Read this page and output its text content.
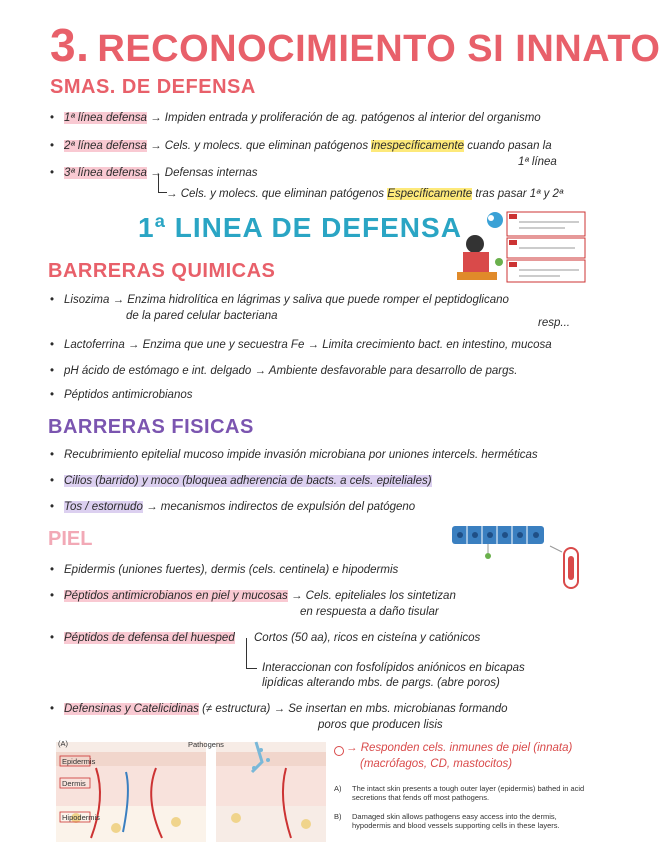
3. RECONOCIMIENTO SI INNATO
SMAS. DE DEFENSA
• 1ª línea defensa → Impiden entrada y proliferación de ag. patógenos al interior del organismo
• 2ª línea defensa → Cels. y molecs. que eliminan patógenos inespecíficamente cuando pasan la
1ª línea
• 3ª línea defensa → Defensas internas
→ Cels. y molecs. que eliminan patógenos Específicamente tras pasar 1ª y 2ª
1ª LINEA DE DEFENSA
BARRERAS QUIMICAS
• Lisozima → Enzima hidrolítica en lágrimas y saliva que puede romper el peptidoglicano
de la pared celular bacteriana
resp...
• Lactoferrina → Enzima que une y secuestra Fe → Limita crecimiento bact. en intestino, mucosa
• pH ácido de estómago e int. delgado → Ambiente desfavorable para desarrollo de pargs.
• Péptidos antimicrobianos
BARRERAS FISICAS
• Recubrimiento epitelial mucoso impide invasión microbiana por uniones intercels. herméticas
• Cilios (barrido) y moco (bloquea adherencia de bacts. a cels. epiteliales)
• Tos / estornudo → mecanismos indirectos de expulsión del patógeno
PIEL
• Epidermis (uniones fuertes), dermis (cels. centinela) e hipodermis
• Péptidos antimicrobianos en piel y mucosas → Cels. epiteliales los sintetizan
en respuesta a daño tisular
• Péptidos de defensa del huesped Cortos (50 aa), ricos en cisteína y catiónicos
Interaccionan con fosfolípidos aniónicos en bicapas
lipídicas alterando mbs. de pargs. (abre poros)
• Defensinas y Catelicidinas (≠ estructura) → Se insertan en mbs. microbianas formando
poros que producen lisis
(A)
Epidermis
Dermis
Hipodermis
Pathogens	→ Responden cels. inmunes de piel (innata)
(macrófagos, CD, mastocitos)
A) The intact skin presents a tough outer layer (epidermis) bathed in acid secretions that fends off most pathogens.
B) Damaged skin allows pathogens easy access into the dermis, hypodermis and blood vessels supporting cells in these layers.
